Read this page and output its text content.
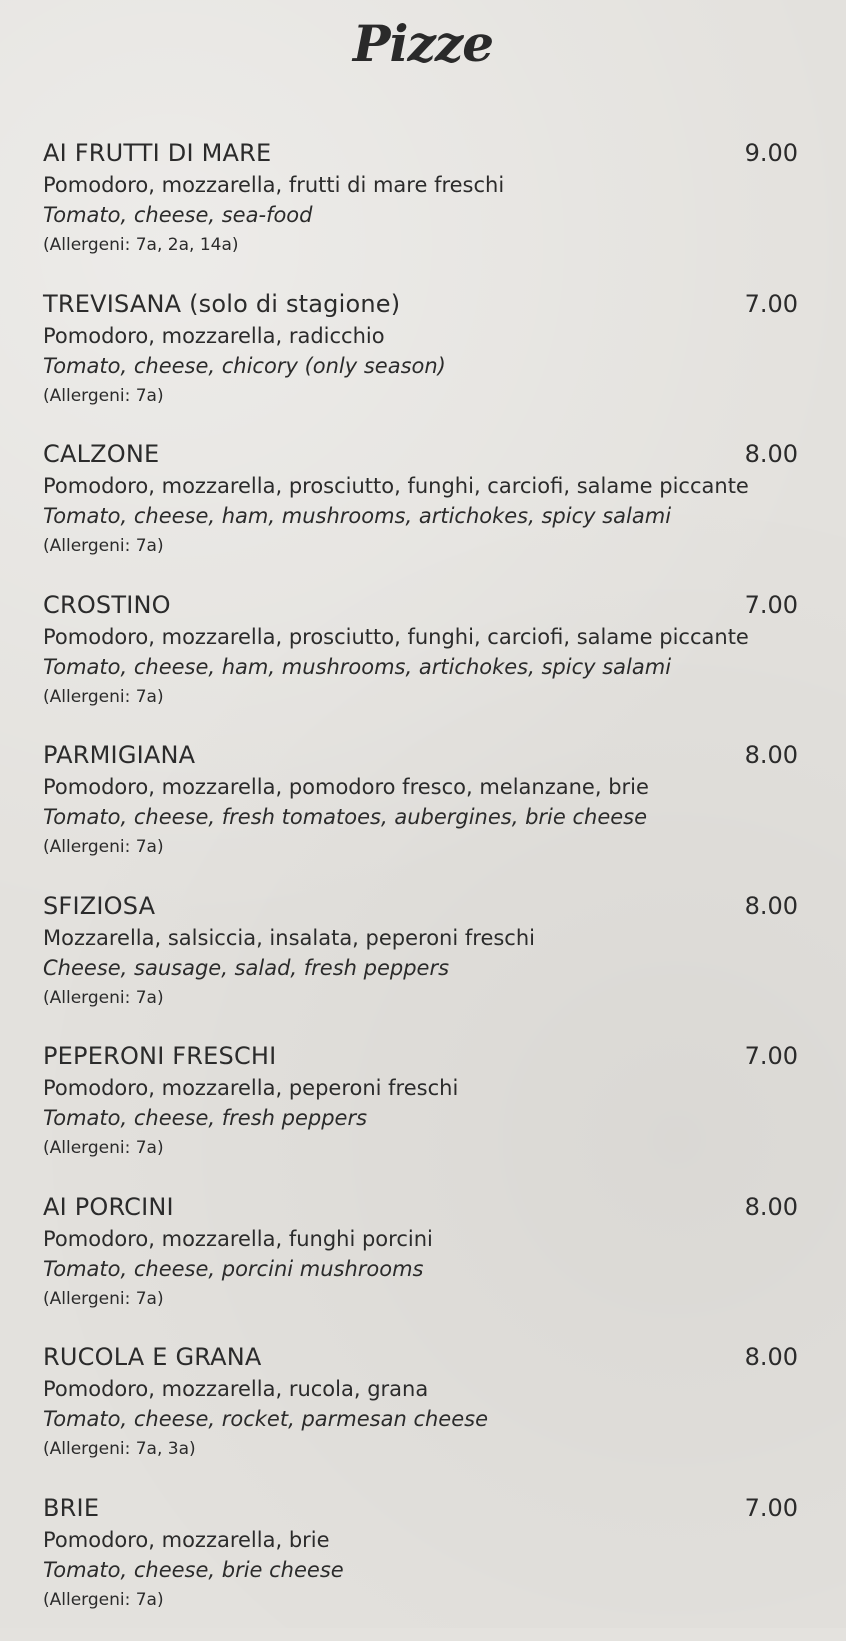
Pizze
AI FRUTTI DI MARE	9.00
Pomodoro, mozzarella, frutti di mare freschi
Tomato, cheese, sea-food
(Allergeni: 7a, 2a, 14a)
TREVISANA (solo di stagione)	7.00
Pomodoro, mozzarella, radicchio
Tomato, cheese, chicory (only season)
(Allergeni: 7a)
CALZONE	8.00
Pomodoro, mozzarella, prosciutto, funghi, carciofi, salame piccante
Tomato, cheese, ham, mushrooms, artichokes, spicy salami
(Allergeni: 7a)
CROSTINO	7.00
Pomodoro, mozzarella, prosciutto, funghi, carciofi, salame piccante
Tomato, cheese, ham, mushrooms, artichokes, spicy salami
(Allergeni: 7a)
PARMIGIANA	8.00
Pomodoro, mozzarella, pomodoro fresco, melanzane, brie
Tomato, cheese, fresh tomatoes, aubergines, brie cheese
(Allergeni: 7a)
SFIZIOSA	8.00
Mozzarella, salsiccia, insalata, peperoni freschi
Cheese, sausage, salad, fresh peppers
(Allergeni: 7a)
PEPERONI FRESCHI	7.00
Pomodoro, mozzarella, peperoni freschi
Tomato, cheese, fresh peppers
(Allergeni: 7a)
AI PORCINI	8.00
Pomodoro, mozzarella, funghi porcini
Tomato, cheese, porcini mushrooms
(Allergeni: 7a)
RUCOLA E GRANA	8.00
Pomodoro, mozzarella, rucola, grana
Tomato, cheese, rocket, parmesan cheese
(Allergeni: 7a, 3a)
BRIE	7.00
Pomodoro, mozzarella, brie
Tomato, cheese, brie cheese
(Allergeni: 7a)
